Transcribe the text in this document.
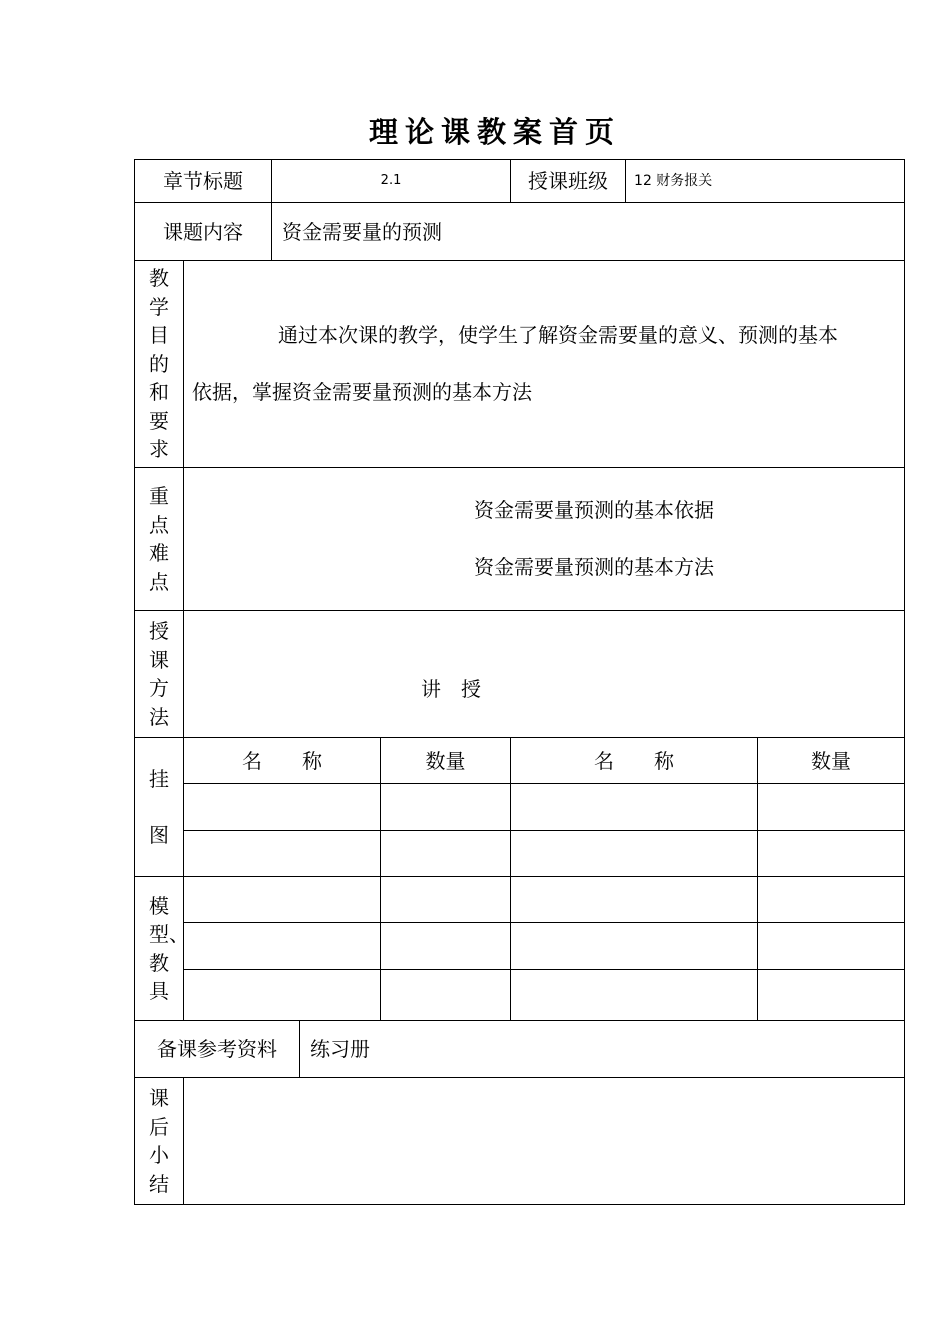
理论课教案首页
章节标题		2.1			授课班级	12 财务报关	
课题内容		资金需要量的预测					

教学目的和要求	通过本次课的教学，使学生了解资金需要量的意义、预测的基本
依据，掌握资金需要量预测的基本方法						

重点难点	资金需要量预测的基本依据
资金需要量预测的基本方法						

授课方法	讲　授						

挂图	名　　称			数量	名　　称		数量

模型、教具							

备课参考资料			练习册				

课后小结							
